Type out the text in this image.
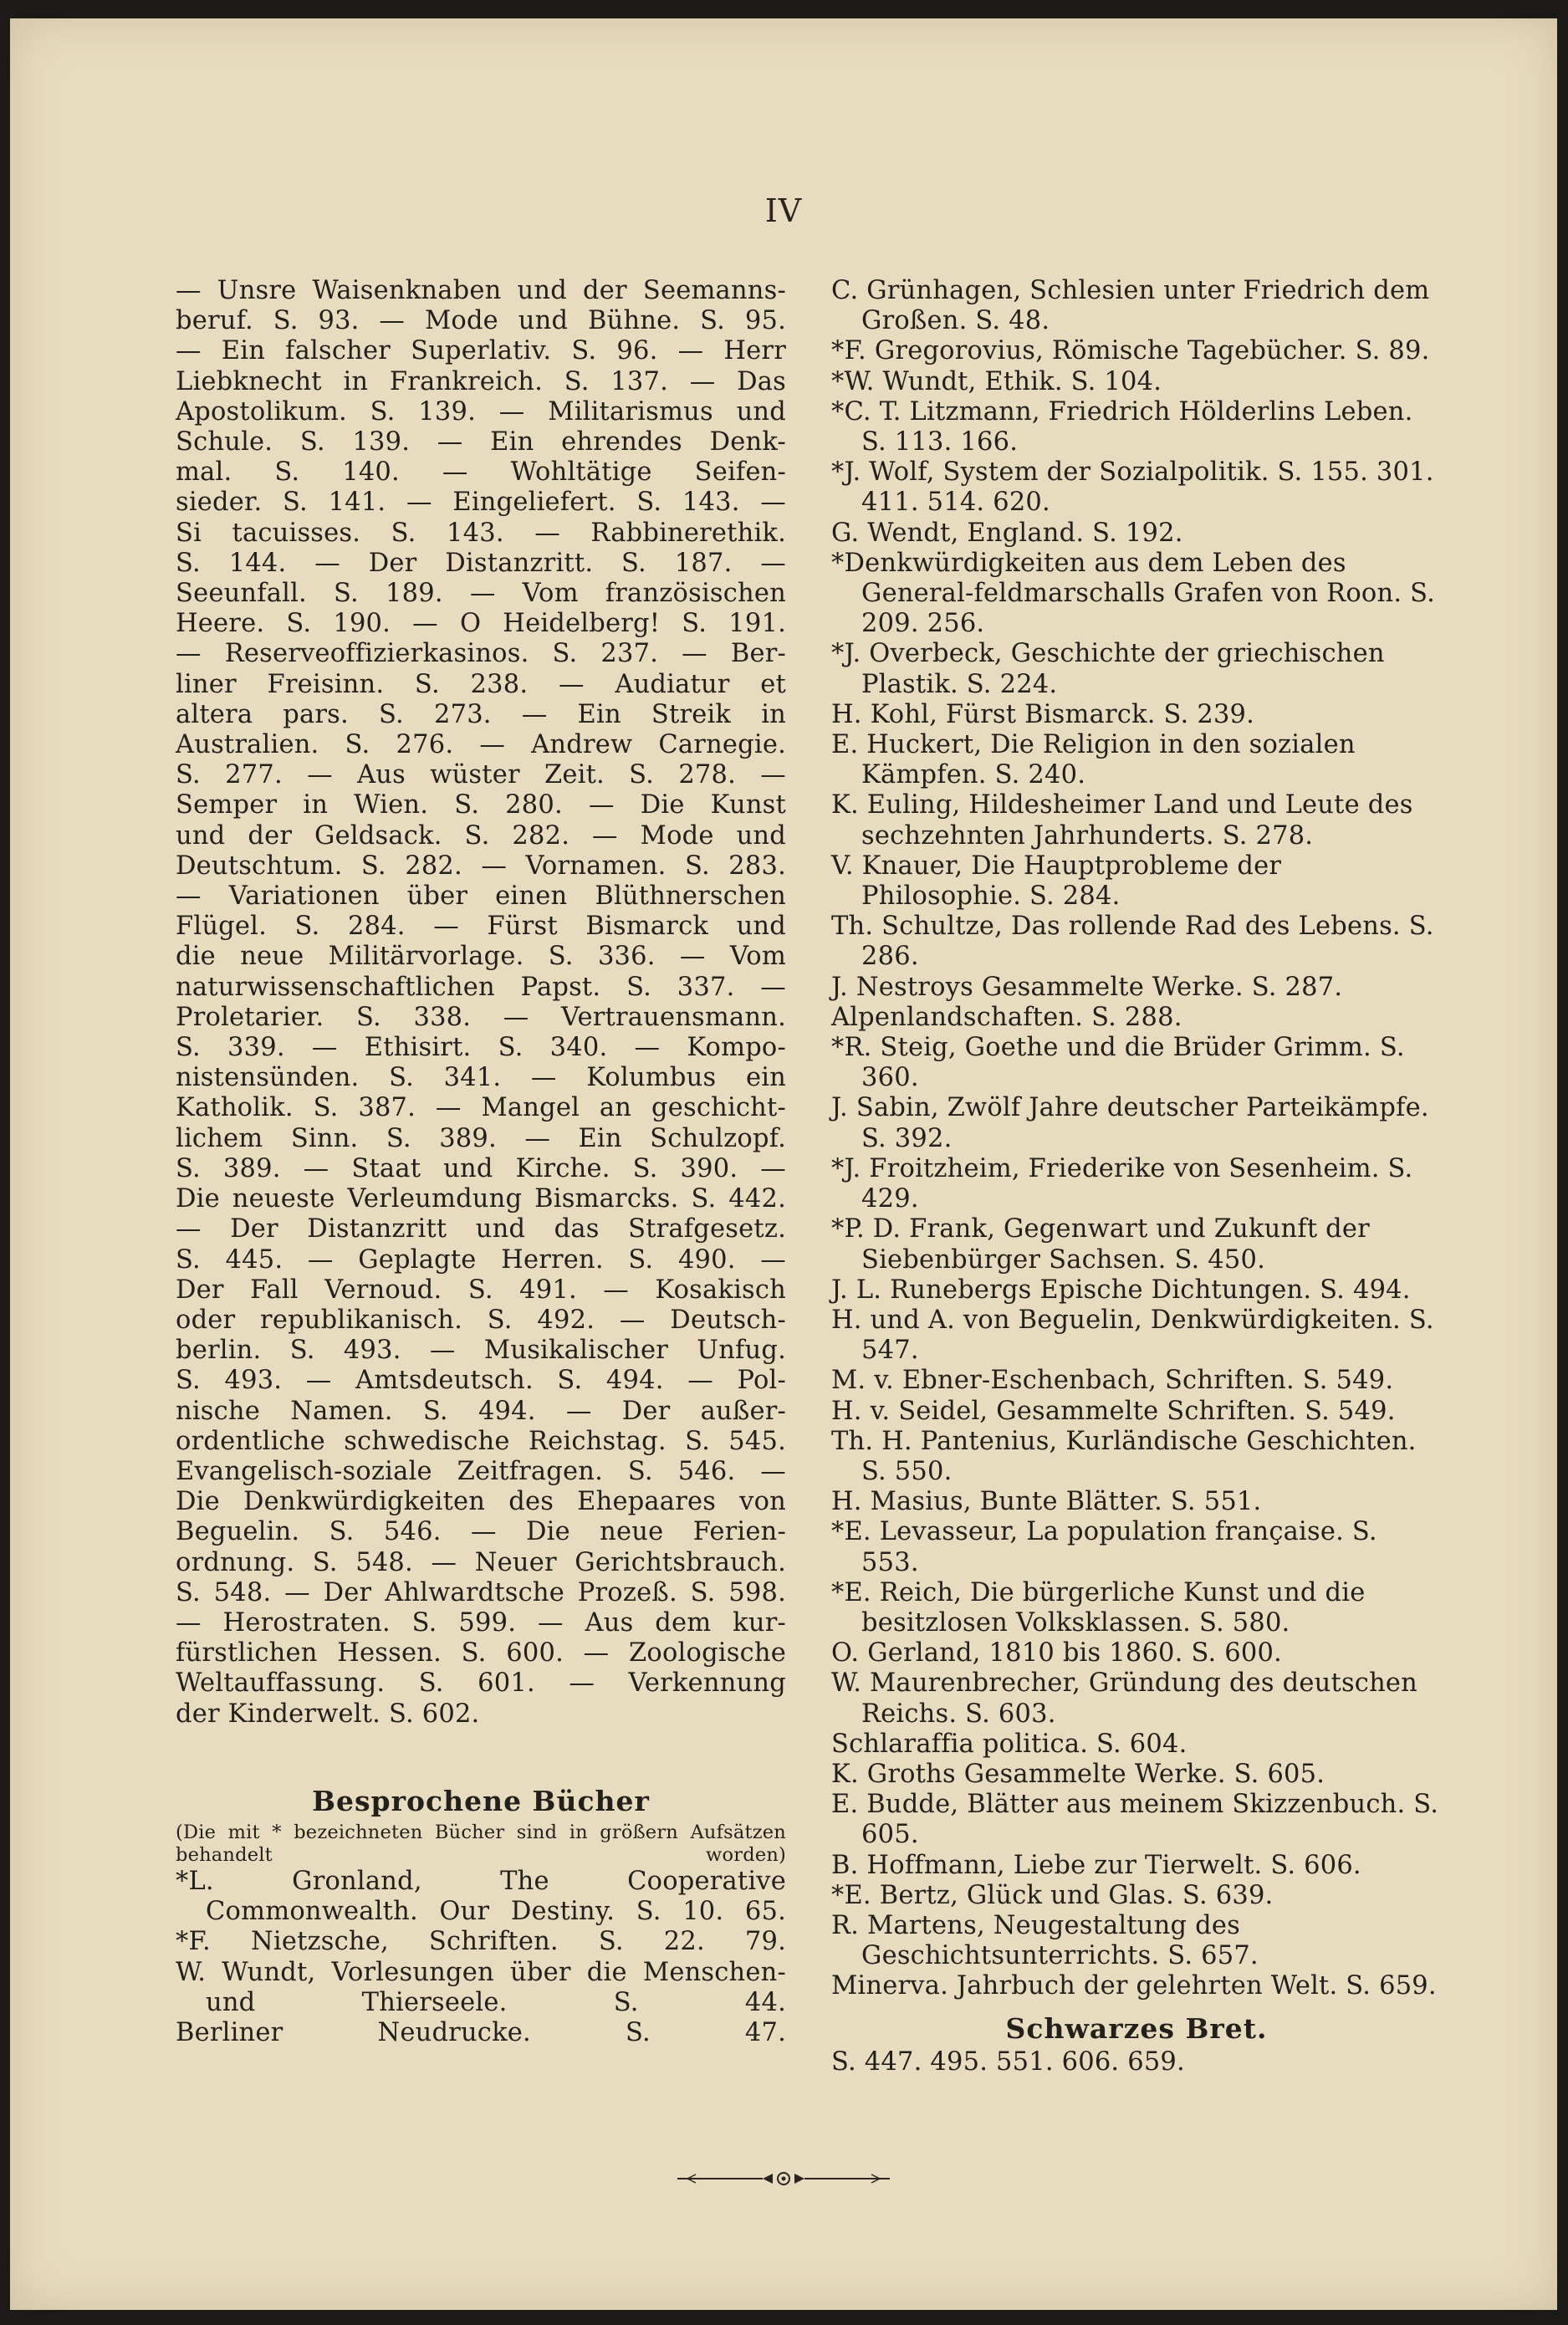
IV

— Unsre Waisenknaben und der Seemanns-

beruf. S. 93. — Mode und Bühne. S. 95.

— Ein falscher Superlativ. S. 96. — Herr

Liebknecht in Frankreich. S. 137. — Das

Apostolikum. S. 139. — Militarismus und

Schule. S. 139. — Ein ehrendes Denk-

mal. S. 140. — Wohltätige Seifen-

sieder. S. 141. — Eingeliefert. S. 143. —

Si tacuisses. S. 143. — Rabbinerethik.

S. 144. — Der Distanzritt. S. 187. —

Seeunfall. S. 189. — Vom französischen

Heere. S. 190. — O Heidelberg! S. 191.

— Reserveoffizierkasinos. S. 237. — Ber-

liner Freisinn. S. 238. — Audiatur et

altera pars. S. 273. — Ein Streik in

Australien. S. 276. — Andrew Carnegie.

S. 277. — Aus wüster Zeit. S. 278. —

Semper in Wien. S. 280. — Die Kunst

und der Geldsack. S. 282. — Mode und

Deutschtum. S. 282. — Vornamen. S. 283.

— Variationen über einen Blüthnerschen

Flügel. S. 284. — Fürst Bismarck und

die neue Militärvorlage. S. 336. — Vom

naturwissenschaftlichen Papst. S. 337. —

Proletarier. S. 338. — Vertrauensmann.

S. 339. — Ethisirt. S. 340. — Kompo-

nistensünden. S. 341. — Kolumbus ein

Katholik. S. 387. — Mangel an geschicht-

lichem Sinn. S. 389. — Ein Schulzopf.

S. 389. — Staat und Kirche. S. 390. —

Die neueste Verleumdung Bismarcks. S. 442.

— Der Distanzritt und das Strafgesetz.

S. 445. — Geplagte Herren. S. 490. —

Der Fall Vernoud. S. 491. — Kosakisch

oder republikanisch. S. 492. — Deutsch-

berlin. S. 493. — Musikalischer Unfug.

S. 493. — Amtsdeutsch. S. 494. — Pol-

nische Namen. S. 494. — Der außer-

ordentliche schwedische Reichstag. S. 545.

Evangelisch-soziale Zeitfragen. S. 546. —

Die Denkwürdigkeiten des Ehepaares von

Beguelin. S. 546. — Die neue Ferien-

ordnung. S. 548. — Neuer Gerichtsbrauch.

S. 548. — Der Ahlwardtsche Prozeß. S. 598.

— Herostraten. S. 599. — Aus dem kur-

fürstlichen Hessen. S. 600. — Zoologische

Weltauffassung. S. 601. — Verkennung

der Kinderwelt. S. 602.

Besprochene Bücher

(Die mit * bezeichneten Bücher sind in größern Aufsätzen behandelt worden)

*L. Gronland, The Cooperative Commonwealth. Our Destiny. S. 10. 65.

*F. Nietzsche, Schriften. S. 22. 79.

W. Wundt, Vorlesungen über die Menschen- und Thierseele. S. 44.

Berliner Neudrucke. S. 47.

C. Grünhagen, Schlesien unter Friedrich dem Großen. S. 48.

*F. Gregorovius, Römische Tagebücher. S. 89.

*W. Wundt, Ethik. S. 104.

*C. T. Litzmann, Friedrich Hölderlins Leben. S. 113. 166.

*J. Wolf, System der Sozialpolitik. S. 155. 301. 411. 514. 620.

G. Wendt, England. S. 192.

*Denkwürdigkeiten aus dem Leben des General-feldmarschalls Grafen von Roon. S. 209. 256.

*J. Overbeck, Geschichte der griechischen Plastik. S. 224.

H. Kohl, Fürst Bismarck. S. 239.

E. Huckert, Die Religion in den sozialen Kämpfen. S. 240.

K. Euling, Hildesheimer Land und Leute des sechzehnten Jahrhunderts. S. 278.

V. Knauer, Die Hauptprobleme der Philosophie. S. 284.

Th. Schultze, Das rollende Rad des Lebens. S. 286.

J. Nestroys Gesammelte Werke. S. 287.

Alpenlandschaften. S. 288.

*R. Steig, Goethe und die Brüder Grimm. S. 360.

J. Sabin, Zwölf Jahre deutscher Parteikämpfe. S. 392.

*J. Froitzheim, Friederike von Sesenheim. S. 429.

*P. D. Frank, Gegenwart und Zukunft der Siebenbürger Sachsen. S. 450.

J. L. Runebergs Epische Dichtungen. S. 494.

H. und A. von Beguelin, Denkwürdigkeiten. S. 547.

M. v. Ebner-Eschenbach, Schriften. S. 549.

H. v. Seidel, Gesammelte Schriften. S. 549.

Th. H. Pantenius, Kurländische Geschichten. S. 550.

H. Masius, Bunte Blätter. S. 551.

*E. Levasseur, La population française. S. 553.

*E. Reich, Die bürgerliche Kunst und die besitzlosen Volksklassen. S. 580.

O. Gerland, 1810 bis 1860. S. 600.

W. Maurenbrecher, Gründung des deutschen Reichs. S. 603.

Schlaraffia politica. S. 604.

K. Groths Gesammelte Werke. S. 605.

E. Budde, Blätter aus meinem Skizzenbuch. S. 605.

B. Hoffmann, Liebe zur Tierwelt. S. 606.

*E. Bertz, Glück und Glas. S. 639.

R. Martens, Neugestaltung des Geschichtsunterrichts. S. 657.

Minerva. Jahrbuch der gelehrten Welt. S. 659.

Schwarzes Bret.

S. 447. 495. 551. 606. 659.
